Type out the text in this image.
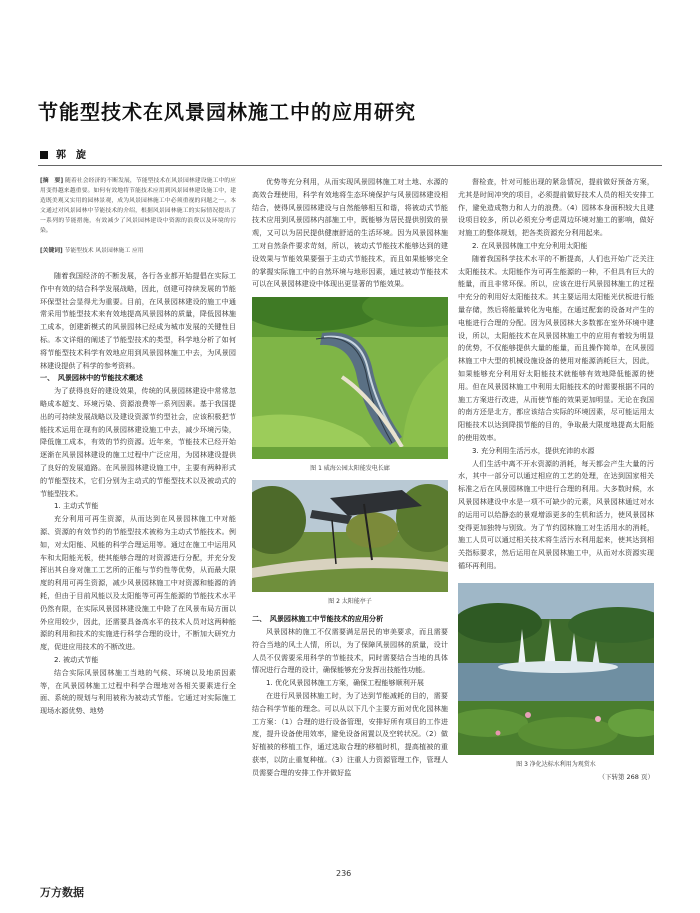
节能型技术在风景园林施工中的应用研究
郭　旋
[摘　要] 随着社会经济的不断发展，节能型技术在风景园林建设施工中的应用变得越来越重要。如何有效地将节能技术应用到风景园林建设施工中，建造既美观又实用的园林景观，成为风景园林施工中必须重视的问题之一。本文通过对风景园林中节能技术的介绍，根据风景园林施工的实际情况提出了一系列的节能措施，有效减少了风景园林建设中资源的浪费以及环境的污染。
[关键词] 节能型技术 风景园林施工 应用
随着我国经济的不断发展，各行各业都开始提倡在实际工作中有效的结合科学发展战略，因此，创建可持续发展的节能环保型社会显得尤为重要。目前，在风景园林建设的施工中通常采用节能型技术来有效地提高风景园林的质量，降低园林施工成本，创建新模式的风景园林已经成为城市发展的关键性目标。本文详细的阐述了节能型技术的类型，科学地分析了如何将节能型技术科学有效地应用到风景园林施工中去，为风景园林建设提供了科学的参考资料。
一、　风景园林中的节能技术概述
为了获得良好的建设效果，传统的风景园林建设中常常忽略成本超支、环境污染、资源浪费等一系列因素。基于我国提出的可持续发展战略以及建设资源节约型社会，应该积极把节能技术运用在现有的风景园林建设施工中去，减少环境污染，降低施工成本，有效的节约资源。近年来，节能技术已经开始逐渐在风景园林建设的施工过程中广泛应用，为园林建设提供了良好的发展道路。在风景园林建设施工中，主要有两种形式的节能型技术，它们分别为主动式的节能型技术以及被动式的节能型技术。
1. 主动式节能
充分利用可再生资源，从而达到在风景园林施工中对能源、资源的有效节约的节能型技术被称为主动式节能技术。例如，对太阳能、风能的科学合理运用等。通过在施工中运用风车和太阳能光板，使其能够合理的对资源进行分配，并充分发挥出其自身对施工工艺所的正能与节约性等优势，从而最大限度的利用可再生资源，减少风景园林施工中对资源和能源的消耗，但由于目前风能以及太阳能等可再生能源的节能技术水平仍然有限，在实际风景园林建设施工中除了在风景布局方面以外应用较少，因此，还需要具备高水平的技术人员对这两种能源的利用和技术的实施进行科学合理的设计，不断加大研究力度，促进应用技术的不断改进。
2. 被动式节能
结合实际风景园林施工当地的气候、环境以及地质因素等，在风景园林施工过程中科学合理地对各相关要素进行全面、系统的规划与利用被称为被动式节能。它通过对实际施工现场水源优势、地势
优势等充分利用，从而实现风景园林施工对土地、水源的高效合理使用，科学有效地将生态环境保护与风景园林建设相结合，使得风景园林建设与自然能够相互和谐，将被动式节能技术应用到风景园林内部施工中，既能够为居民提供别致的景观，又可以为居民提供健康舒适的生活环境。因为风景园林施工对自然条件要求苛刻，所以，被动式节能技术能够达到的建设效果与节能效果要强于主动式节能技术，而且如果能够完全的掌握实际施工中的自然环境与地形因素，通过被动节能技术可以在风景园林建设中体现出更显著的节能效果。
图 1 威海公园太阳能发电长廊
图 2 太阳能亭子
二、　风景园林施工中节能技术的应用分析
风景园林的施工不仅需要满足居民的审美要求，而且需要符合当地的风土人情，所以，为了保障风景园林的质量，设计人员不仅需要采用科学的节能技术，同时需要结合当地的具体情况进行合理的设计，确保能够充分发挥出技能性功能。
1. 优化风景园林施工方案，确保工程能够顺利开展
在进行风景园林施工时，为了达到节能减耗的目的，需要结合科学节能的理念。可以从以下几个主要方面对优化园林施工方案：（1）合理的进行设备管理，安排好所有项目的工作进度，提升设备使用效率，避免设备闲置以及空转状况。（2）做好植被的移植工作，通过选取合理的移植时机，提高植被的重获率，以防止重复种植。（3）注重人力资源管理工作，管理人员需要合理的安排工作并做好监
督检查，针对可能出现的紧急情况，提前做好预备方案，尤其是时间冲突的项目，必须提前做好技术人员的相关安排工作，避免造成物力和人力的浪费。（4）园林本身面积较大且建设项目较多，所以必须充分考虑周边环境对施工的影响，做好对施工的整体规划，把各类资源充分利用起来。
2. 在风景园林施工中充分利用太阳能
随着我国科学技术水平的不断提高，人们也开始广泛关注太阳能技术。太阳能作为可再生能源的一种，不但具有巨大的能量，而且非常环保。所以，应该在进行风景园林施工的过程中充分的利用好太阳能技术。其主要运用太阳能光伏板进行能量存储，然后将能量转化为电能，在通过配套的设备对产生的电能进行合理的分配。因为风景园林大多数都在室外环境中建设，所以，太阳能技术在风景园林施工中的应用有着较为明显的优势，不仅能够提供大量的能量，而且操作简单，在风景园林施工中大型的机械设施设备的使用对能源消耗巨大，因此，如果能够充分利用好太阳能技术就能够有效地降低能源的使用。但在风景园林施工中利用太阳能技术的时需要根据不同的施工方案进行改进，从而使节能的效果更加明显。无论在我国的南方还是北方，都应该结合实际的环境因素，尽可能运用太阳能技术以达到降损节能的目的，争取最大限度地提高太阳能的使用效率。
3. 充分利用生活污水，提供充沛的水源
人们生活中离不开水资源的消耗，每天都会产生大量的污水，其中一部分可以通过相应的工艺的处理，在达到国家相关标准之后在风景园林施工中进行合理的利用。大多数时候，水风景园林建设中水是一项不可缺少的元素，风景园林通过对水的运用可以给静态的景观增添更多的生机和活力，使风景园林变得更加独特与别致。为了节约园林施工对生活用水的消耗，施工人员可以通过相关技术将生活污水利用起来，使其达到相关指标要求，然后运用在风景园林施工中，从而对水资源实现循环再利用。
图 3 净化达标水利用为观赏水
（下转第 268 页）
236
万方数据
